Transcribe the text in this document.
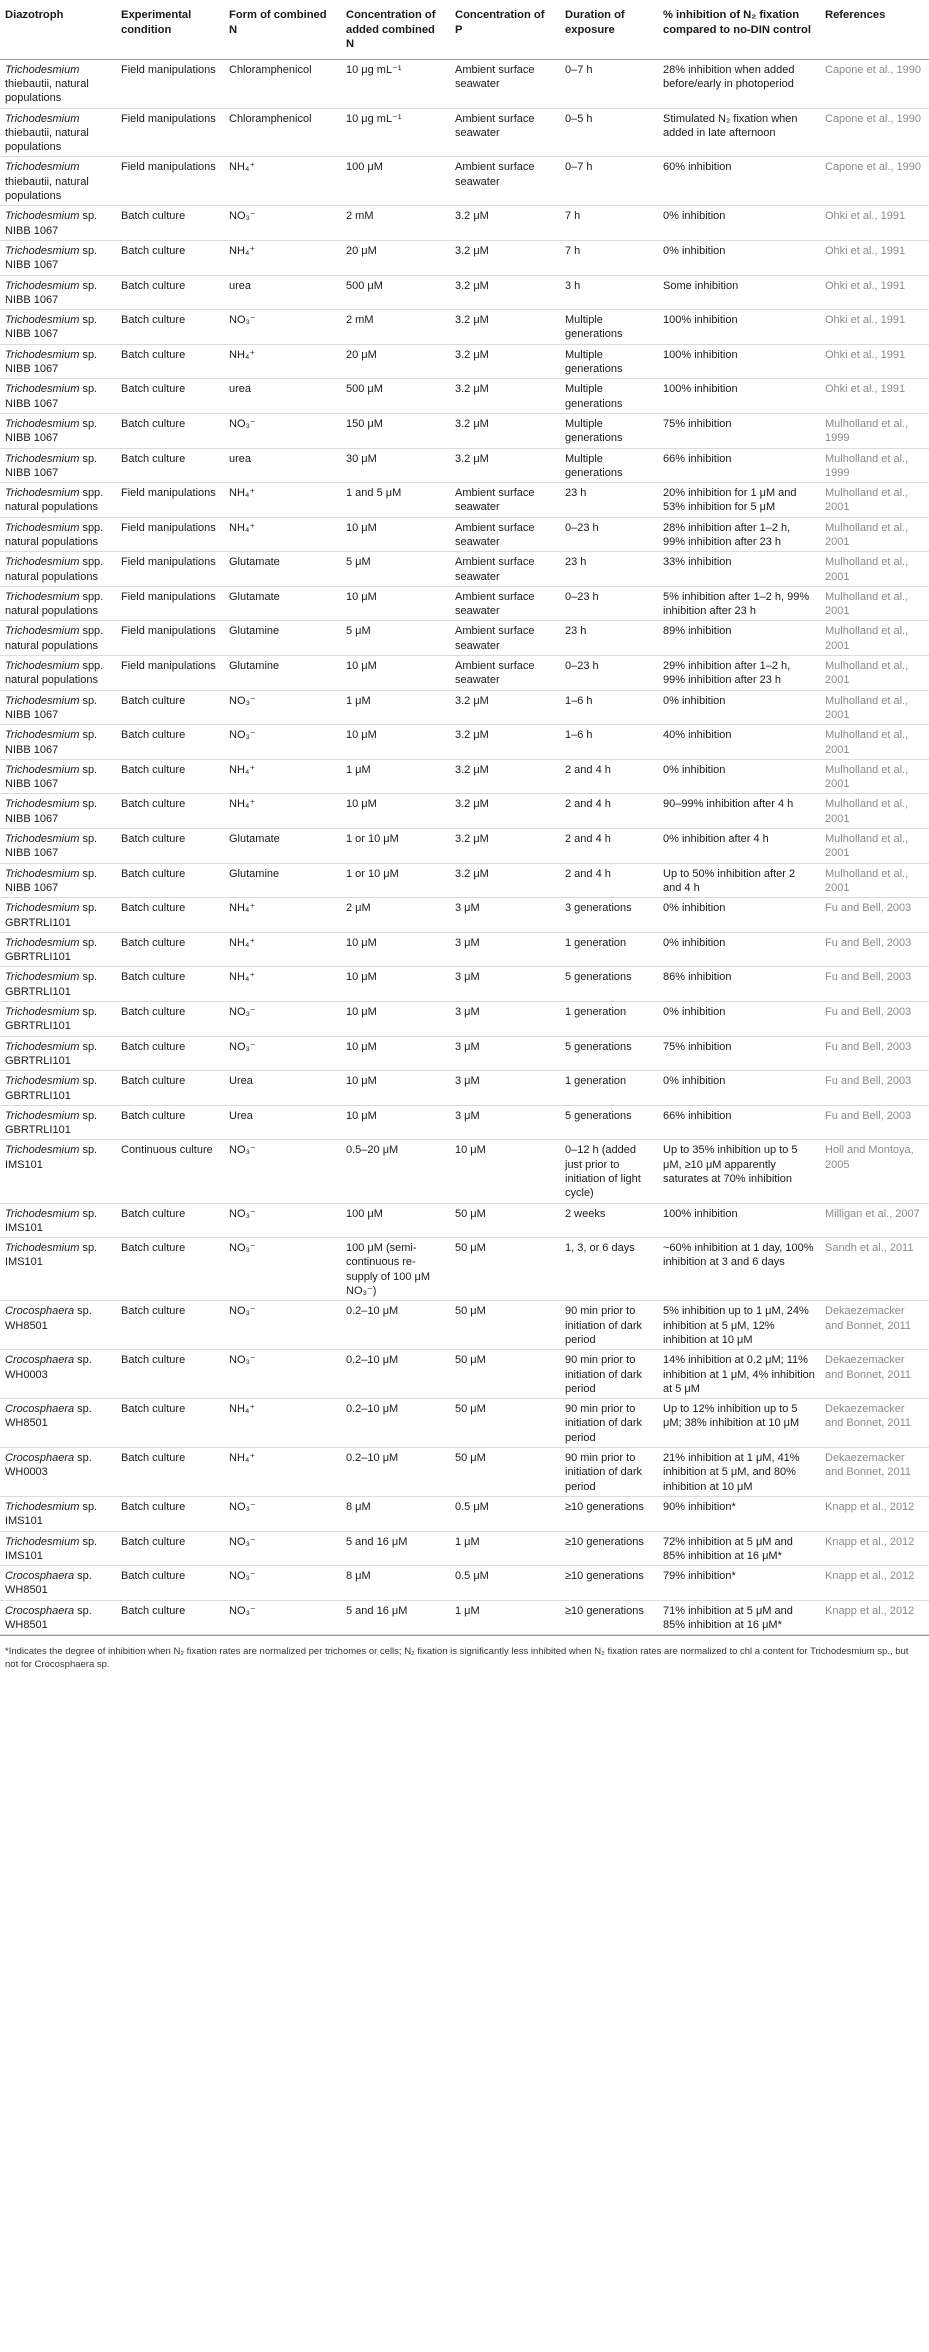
Diazotroph	Experimental condition	Form of combined N	Concentration of added combined N	Concentration of P	Duration of exposure	% inhibition of N₂ fixation compared to no-DIN control	References
Trichodesmium thiebautii, natural populations	Field manipulations	Chloramphenicol	10 μg mL⁻¹	Ambient surface seawater	0–7 h	28% inhibition when added before/early in photoperiod	Capone et al., 1990
Trichodesmium thiebautii, natural populations	Field manipulations	Chloramphenicol	10 μg mL⁻¹	Ambient surface seawater	0–5 h	Stimulated N₂ fixation when added in late afternoon	Capone et al., 1990
Trichodesmium thiebautii, natural populations	Field manipulations	NH₄⁺	100 μM	Ambient surface seawater	0–7 h	60% inhibition	Capone et al., 1990
Trichodesmium sp. NIBB 1067	Batch culture	NO₃⁻	2 mM	3.2 μM	7 h	0% inhibition	Ohki et al., 1991
Trichodesmium sp. NIBB 1067	Batch culture	NH₄⁺	20 μM	3.2 μM	7 h	0% inhibition	Ohki et al., 1991
Trichodesmium sp. NIBB 1067	Batch culture	urea	500 μM	3.2 μM	3 h	Some inhibition	Ohki et al., 1991
Trichodesmium sp. NIBB 1067	Batch culture	NO₃⁻	2 mM	3.2 μM	Multiple generations	100% inhibition	Ohki et al., 1991
Trichodesmium sp. NIBB 1067	Batch culture	NH₄⁺	20 μM	3.2 μM	Multiple generations	100% inhibition	Ohki et al., 1991
Trichodesmium sp. NIBB 1067	Batch culture	urea	500 μM	3.2 μM	Multiple generations	100% inhibition	Ohki et al., 1991
Trichodesmium sp. NIBB 1067	Batch culture	NO₃⁻	150 μM	3.2 μM	Multiple generations	75% inhibition	Mulholland et al., 1999
Trichodesmium sp. NIBB 1067	Batch culture	urea	30 μM	3.2 μM	Multiple generations	66% inhibition	Mulholland et al., 1999
Trichodesmium spp. natural populations	Field manipulations	NH₄⁺	1 and 5 μM	Ambient surface seawater	23 h	20% inhibition for 1 μM and 53% inhibition for 5 μM	Mulholland et al., 2001
Trichodesmium spp. natural populations	Field manipulations	NH₄⁺	10 μM	Ambient surface seawater	0–23 h	28% inhibition after 1–2 h, 99% inhibition after 23 h	Mulholland et al., 2001
Trichodesmium spp. natural populations	Field manipulations	Glutamate	5 μM	Ambient surface seawater	23 h	33% inhibition	Mulholland et al., 2001
Trichodesmium spp. natural populations	Field manipulations	Glutamate	10 μM	Ambient surface seawater	0–23 h	5% inhibition after 1–2 h, 99% inhibition after 23 h	Mulholland et al., 2001
Trichodesmium spp. natural populations	Field manipulations	Glutamine	5 μM	Ambient surface seawater	23 h	89% inhibition	Mulholland et al., 2001
Trichodesmium spp. natural populations	Field manipulations	Glutamine	10 μM	Ambient surface seawater	0–23 h	29% inhibition after 1–2 h, 99% inhibition after 23 h	Mulholland et al., 2001
Trichodesmium sp. NIBB 1067	Batch culture	NO₃⁻	1 μM	3.2 μM	1–6 h	0% inhibition	Mulholland et al., 2001
Trichodesmium sp. NIBB 1067	Batch culture	NO₃⁻	10 μM	3.2 μM	1–6 h	40% inhibition	Mulholland et al., 2001
Trichodesmium sp. NIBB 1067	Batch culture	NH₄⁺	1 μM	3.2 μM	2 and 4 h	0% inhibition	Mulholland et al., 2001
Trichodesmium sp. NIBB 1067	Batch culture	NH₄⁺	10 μM	3.2 μM	2 and 4 h	90–99% inhibition after 4 h	Mulholland et al., 2001
Trichodesmium sp. NIBB 1067	Batch culture	Glutamate	1 or 10 μM	3.2 μM	2 and 4 h	0% inhibition after 4 h	Mulholland et al., 2001
Trichodesmium sp. NIBB 1067	Batch culture	Glutamine	1 or 10 μM	3.2 μM	2 and 4 h	Up to 50% inhibition after 2 and 4 h	Mulholland et al., 2001
Trichodesmium sp. GBRTRLI101	Batch culture	NH₄⁺	2 μM	3 μM	3 generations	0% inhibition	Fu and Bell, 2003
Trichodesmium sp. GBRTRLI101	Batch culture	NH₄⁺	10 μM	3 μM	1 generation	0% inhibition	Fu and Bell, 2003
Trichodesmium sp. GBRTRLI101	Batch culture	NH₄⁺	10 μM	3 μM	5 generations	86% inhibition	Fu and Bell, 2003
Trichodesmium sp. GBRTRLI101	Batch culture	NO₃⁻	10 μM	3 μM	1 generation	0% inhibition	Fu and Bell, 2003
Trichodesmium sp. GBRTRLI101	Batch culture	NO₃⁻	10 μM	3 μM	5 generations	75% inhibition	Fu and Bell, 2003
Trichodesmium sp. GBRTRLI101	Batch culture	Urea	10 μM	3 μM	1 generation	0% inhibition	Fu and Bell, 2003
Trichodesmium sp. GBRTRLI101	Batch culture	Urea	10 μM	3 μM	5 generations	66% inhibition	Fu and Bell, 2003
Trichodesmium sp. IMS101	Continuous culture	NO₃⁻	0.5–20 μM	10 μM	0–12 h (added just prior to initiation of light cycle)	Up to 35% inhibition up to 5 μM, ≥10 μM apparently saturates at 70% inhibition	Holl and Montoya, 2005
Trichodesmium sp. IMS101	Batch culture	NO₃⁻	100 μM	50 μM	2 weeks	100% inhibition	Milligan et al., 2007
Trichodesmium sp. IMS101	Batch culture	NO₃⁻	100 μM (semi-continuous re-supply of 100 μM NO₃⁻)	50 μM	1, 3, or 6 days	~60% inhibition at 1 day, 100% inhibition at 3 and 6 days	Sandh et al., 2011
Crocosphaera sp. WH8501	Batch culture	NO₃⁻	0.2–10 μM	50 μM	90 min prior to initiation of dark period	5% inhibition up to 1 μM, 24% inhibition at 5 μM, 12% inhibition at 10 μM	Dekaezemacker and Bonnet, 2011
Crocosphaera sp. WH0003	Batch culture	NO₃⁻	0.2–10 μM	50 μM	90 min prior to initiation of dark period	14% inhibition at 0.2 μM; 11% inhibition at 1 μM, 4% inhibition at 5 μM	Dekaezemacker and Bonnet, 2011
Crocosphaera sp. WH8501	Batch culture	NH₄⁺	0.2–10 μM	50 μM	90 min prior to initiation of dark period	Up to 12% inhibition up to 5 μM; 38% inhibition at 10 μM	Dekaezemacker and Bonnet, 2011
Crocosphaera sp. WH0003	Batch culture	NH₄⁺	0.2–10 μM	50 μM	90 min prior to initiation of dark period	21% inhibition at 1 μM, 41% inhibition at 5 μM, and 80% inhibition at 10 μM	Dekaezemacker and Bonnet, 2011
Trichodesmium sp. IMS101	Batch culture	NO₃⁻	8 μM	0.5 μM	≥10 generations	90% inhibition*	Knapp et al., 2012
Trichodesmium sp. IMS101	Batch culture	NO₃⁻	5 and 16 μM	1 μM	≥10 generations	72% inhibition at 5 μM and 85% inhibition at 16 μM*	Knapp et al., 2012
Crocosphaera sp. WH8501	Batch culture	NO₃⁻	8 μM	0.5 μM	≥10 generations	79% inhibition*	Knapp et al., 2012
Crocosphaera sp. WH8501	Batch culture	NO₃⁻	5 and 16 μM	1 μM	≥10 generations	71% inhibition at 5 μM and 85% inhibition at 16 μM*	Knapp et al., 2012
*Indicates the degree of inhibition when N₂ fixation rates are normalized per trichomes or cells; N₂ fixation is significantly less inhibited when N₂ fixation rates are normalized to chl a content for Trichodesmium sp., but not for Crocosphaera sp.
